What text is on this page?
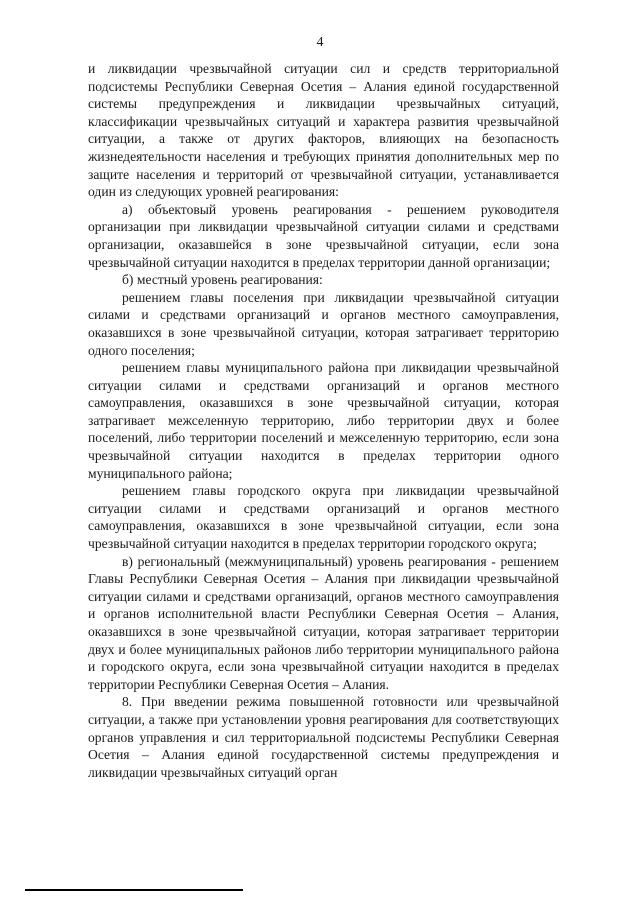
4

и ликвидации чрезвычайной ситуации сил и средств территориальной подсистемы Республики Северная Осетия – Алания единой государственной системы предупреждения и ликвидации чрезвычайных ситуаций, классификации чрезвычайных ситуаций и характера развития чрезвычайной ситуации, а также от других факторов, влияющих на безопасность жизнедеятельности населения и требующих принятия дополнительных мер по защите населения и территорий от чрезвычайной ситуации, устанавливается один из следующих уровней реагирования:

а) объектовый уровень реагирования - решением руководителя организации при ликвидации чрезвычайной ситуации силами и средствами организации, оказавшейся в зоне чрезвычайной ситуации, если зона чрезвычайной ситуации находится в пределах территории данной организации;

б) местный уровень реагирования:

решением главы поселения при ликвидации чрезвычайной ситуации силами и средствами организаций и органов местного самоуправления, оказавшихся в зоне чрезвычайной ситуации, которая затрагивает территорию одного поселения;

решением главы муниципального района при ликвидации чрезвычайной ситуации силами и средствами организаций и органов местного самоуправления, оказавшихся в зоне чрезвычайной ситуации, которая затрагивает межселенную территорию, либо территории двух и более поселений, либо территории поселений и межселенную территорию, если зона чрезвычайной ситуации находится в пределах территории одного муниципального района;

решением главы городского округа при ликвидации чрезвычайной ситуации силами и средствами организаций и органов местного самоуправления, оказавшихся в зоне чрезвычайной ситуации, если зона чрезвычайной ситуации находится в пределах территории городского округа;

в) региональный (межмуниципальный) уровень реагирования - решением Главы Республики Северная Осетия – Алания при ликвидации чрезвычайной ситуации силами и средствами организаций, органов местного самоуправления и органов исполнительной власти Республики Северная Осетия – Алания, оказавшихся в зоне чрезвычайной ситуации, которая затрагивает территории двух и более муниципальных районов либо территории муниципального района и городского округа, если зона чрезвычайной ситуации находится в пределах территории Республики Северная Осетия – Алания.

8. При введении режима повышенной готовности или чрезвычайной ситуации, а также при установлении уровня реагирования для соответствующих органов управления и сил территориальной подсистемы Республики Северная Осетия – Алания единой государственной системы предупреждения и ликвидации чрезвычайных ситуаций орган
